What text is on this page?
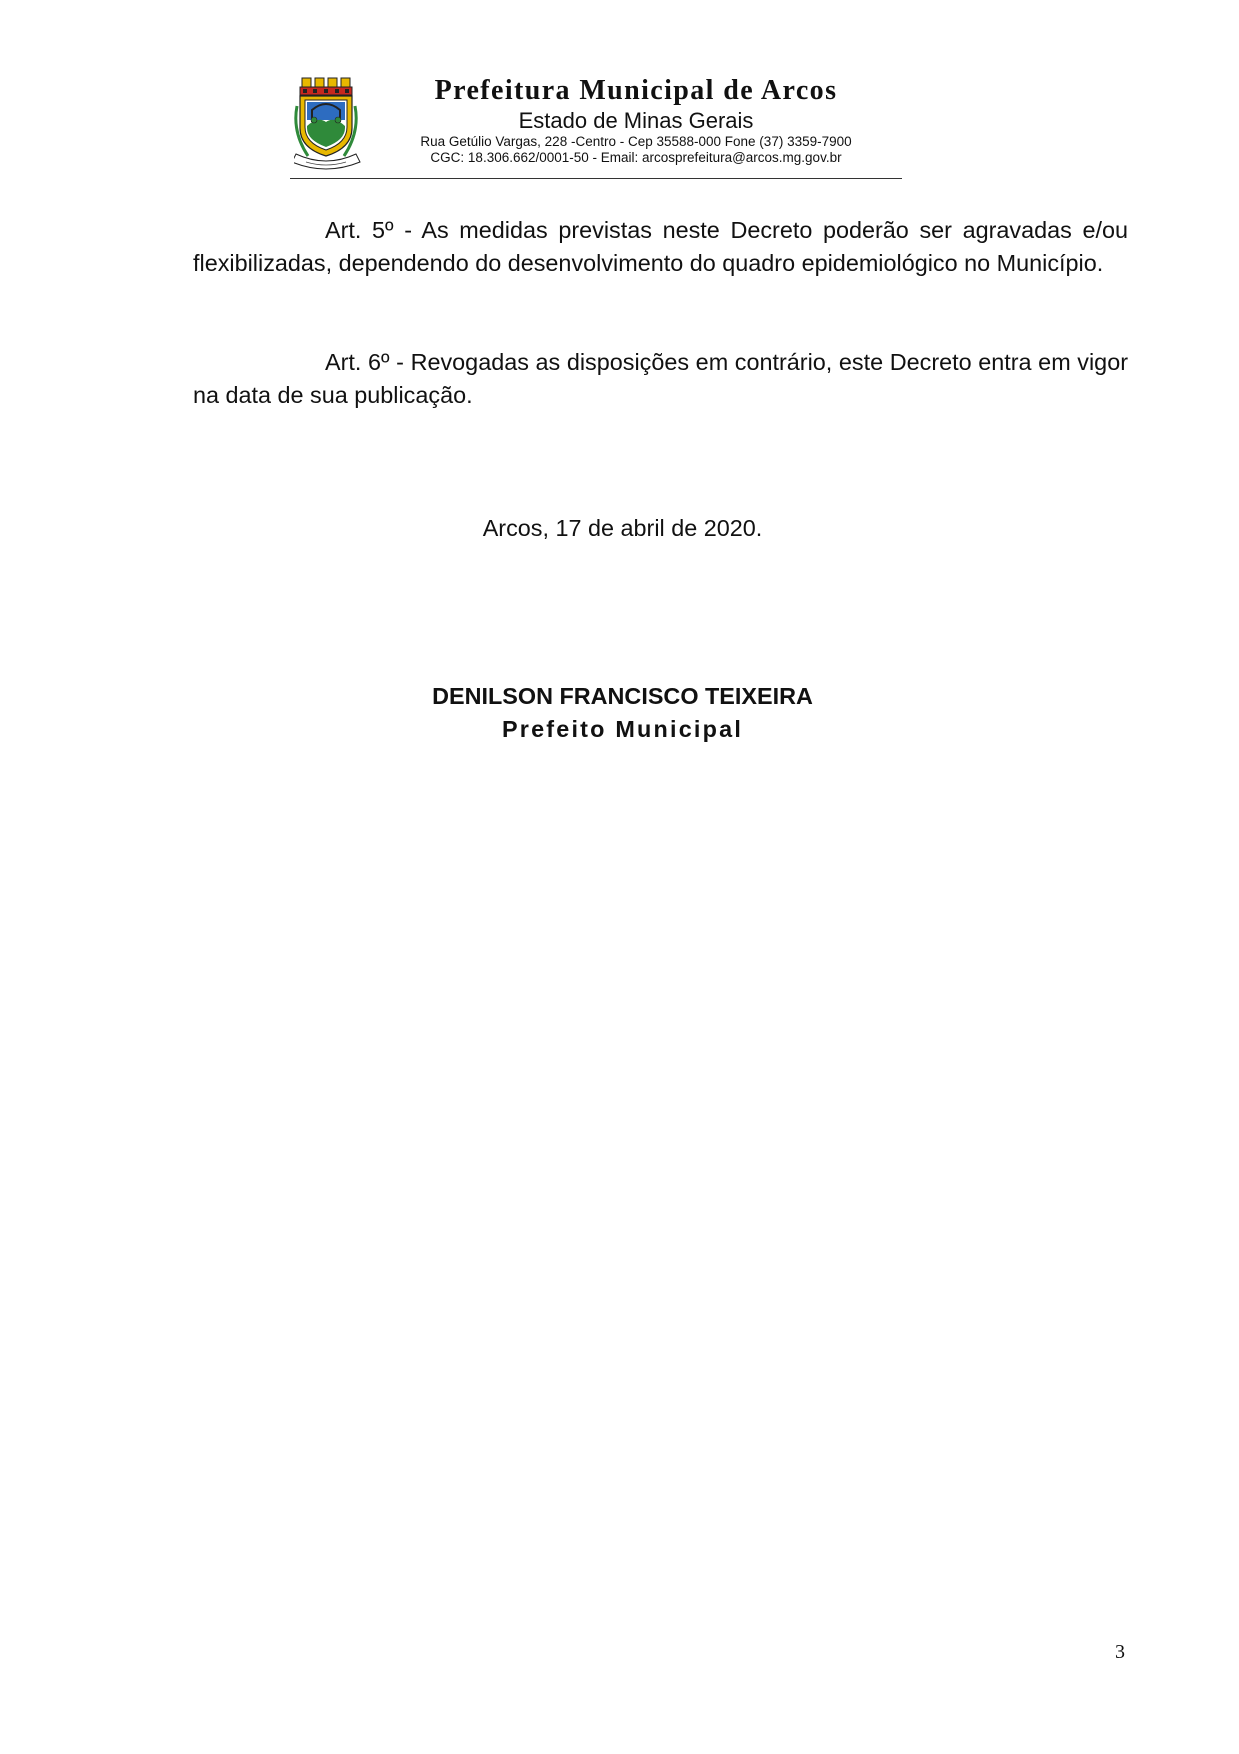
Prefeitura Municipal de Arcos
Estado de Minas Gerais
Rua Getúlio Vargas, 228 -Centro - Cep 35588-000 Fone (37) 3359-7900
CGC: 18.306.662/0001-50 - Email: arcosprefeitura@arcos.mg.gov.br

Art. 5º - As medidas previstas neste Decreto poderão ser agravadas e/ou flexibilizadas, dependendo do desenvolvimento do quadro epidemiológico no Município.

Art. 6º - Revogadas as disposições em contrário, este Decreto entra em vigor na data de sua publicação.

Arcos, 17 de abril de 2020.

DENILSON FRANCISCO TEIXEIRA

Prefeito Municipal

3
